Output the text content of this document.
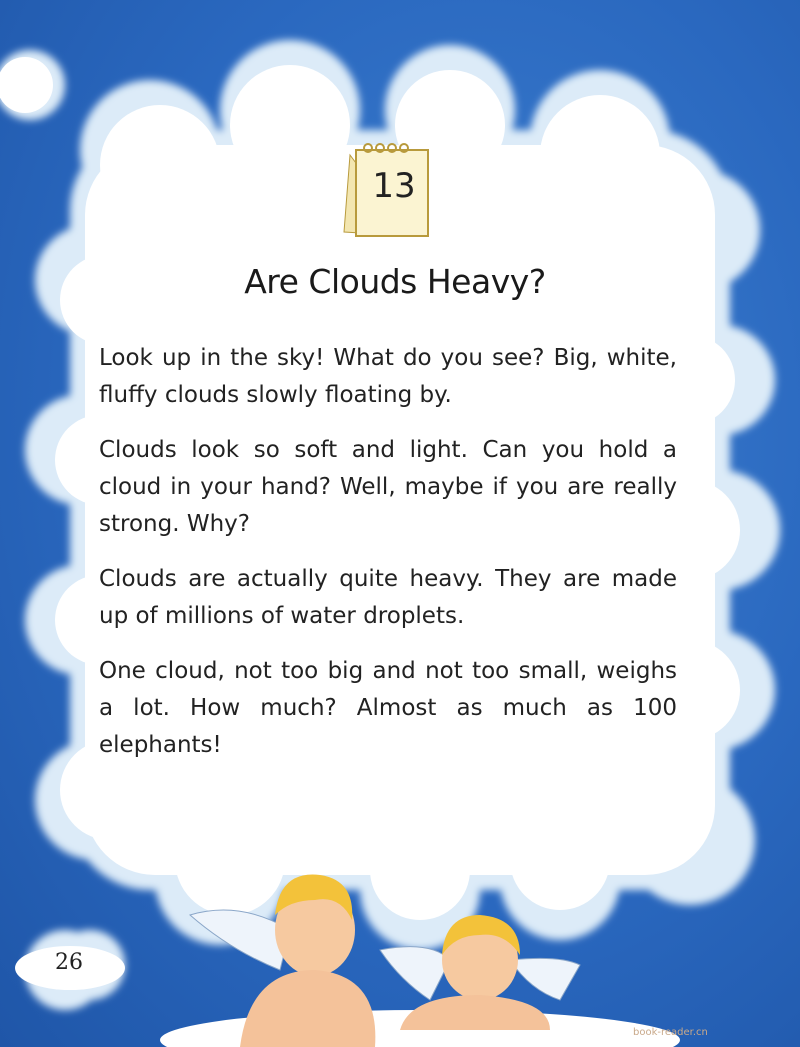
13
Are Clouds Heavy?

Look up in the sky! What do you see? Big, white, fluffy clouds slowly floating by.

Clouds look so soft and light. Can you hold a cloud in your hand? Well, maybe if you are really strong. Why?

Clouds are actually quite heavy. They are made up of millions of water droplets.

One cloud, not too big and not too small, weighs a lot. How much? Almost as much as 100 elephants!

26
book-reader.cn
